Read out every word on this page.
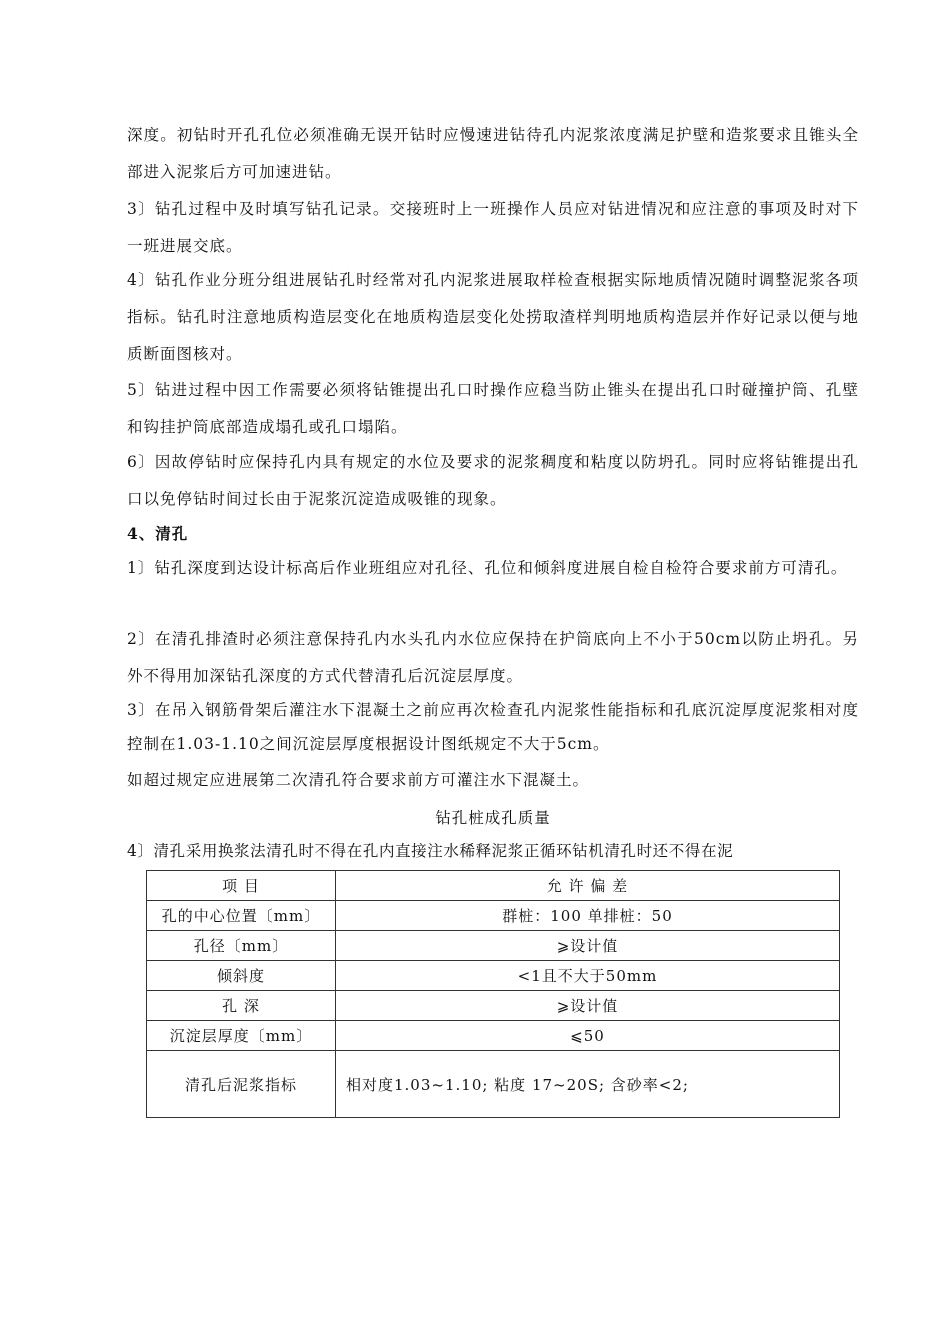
深度。初钻时开孔孔位必须准确无误开钻时应慢速进钻待孔内泥浆浓度满足护壁和造浆要求且锥头全部进入泥浆后方可加速进钻。

3〕钻孔过程中及时填写钻孔记录。交接班时上一班操作人员应对钻进情况和应注意的事项及时对下一班进展交底。

4〕钻孔作业分班分组进展钻孔时经常对孔内泥浆进展取样检查根据实际地质情况随时调整泥浆各项指标。钻孔时注意地质构造层变化在地质构造层变化处捞取渣样判明地质构造层并作好记录以便与地质断面图核对。

5〕钻进过程中因工作需要必须将钻锥提出孔口时操作应稳当防止锥头在提出孔口时碰撞护筒、孔壁和钩挂护筒底部造成塌孔或孔口塌陷。

6〕因故停钻时应保持孔内具有规定的水位及要求的泥浆稠度和粘度以防坍孔。同时应将钻锥提出孔口以免停钻时间过长由于泥浆沉淀造成吸锥的现象。

4、清孔

1〕钻孔深度到达设计标高后作业班组应对孔径、孔位和倾斜度进展自检自检符合要求前方可清孔。

2〕在清孔排渣时必须注意保持孔内水头孔内水位应保持在护筒底向上不小于50cm以防止坍孔。另外不得用加深钻孔深度的方式代替清孔后沉淀层厚度。

3〕在吊入钢筋骨架后灌注水下混凝土之前应再次检查孔内泥浆性能指标和孔底沉淀厚度泥浆相对度控制在1.03-1.10之间沉淀层厚度根据设计图纸规定不大于5cm。

如超过规定应进展第二次清孔符合要求前方可灌注水下混凝土。

钻孔桩成孔质量

4〕清孔采用换浆法清孔时不得在孔内直接注水稀释泥浆正循环钻机清孔时还不得在泥

项 目	允 许 偏 差
孔的中心位置〔mm〕	群桩：100 单排桩：50
孔径〔mm〕	⩾设计值
倾斜度	<1且不大于50mm
孔 深	⩾设计值
沉淀层厚度〔mm〕	⩽50
清孔后泥浆指标	相对度1.03~1.10; 粘度 17~20S; 含砂率<2;
